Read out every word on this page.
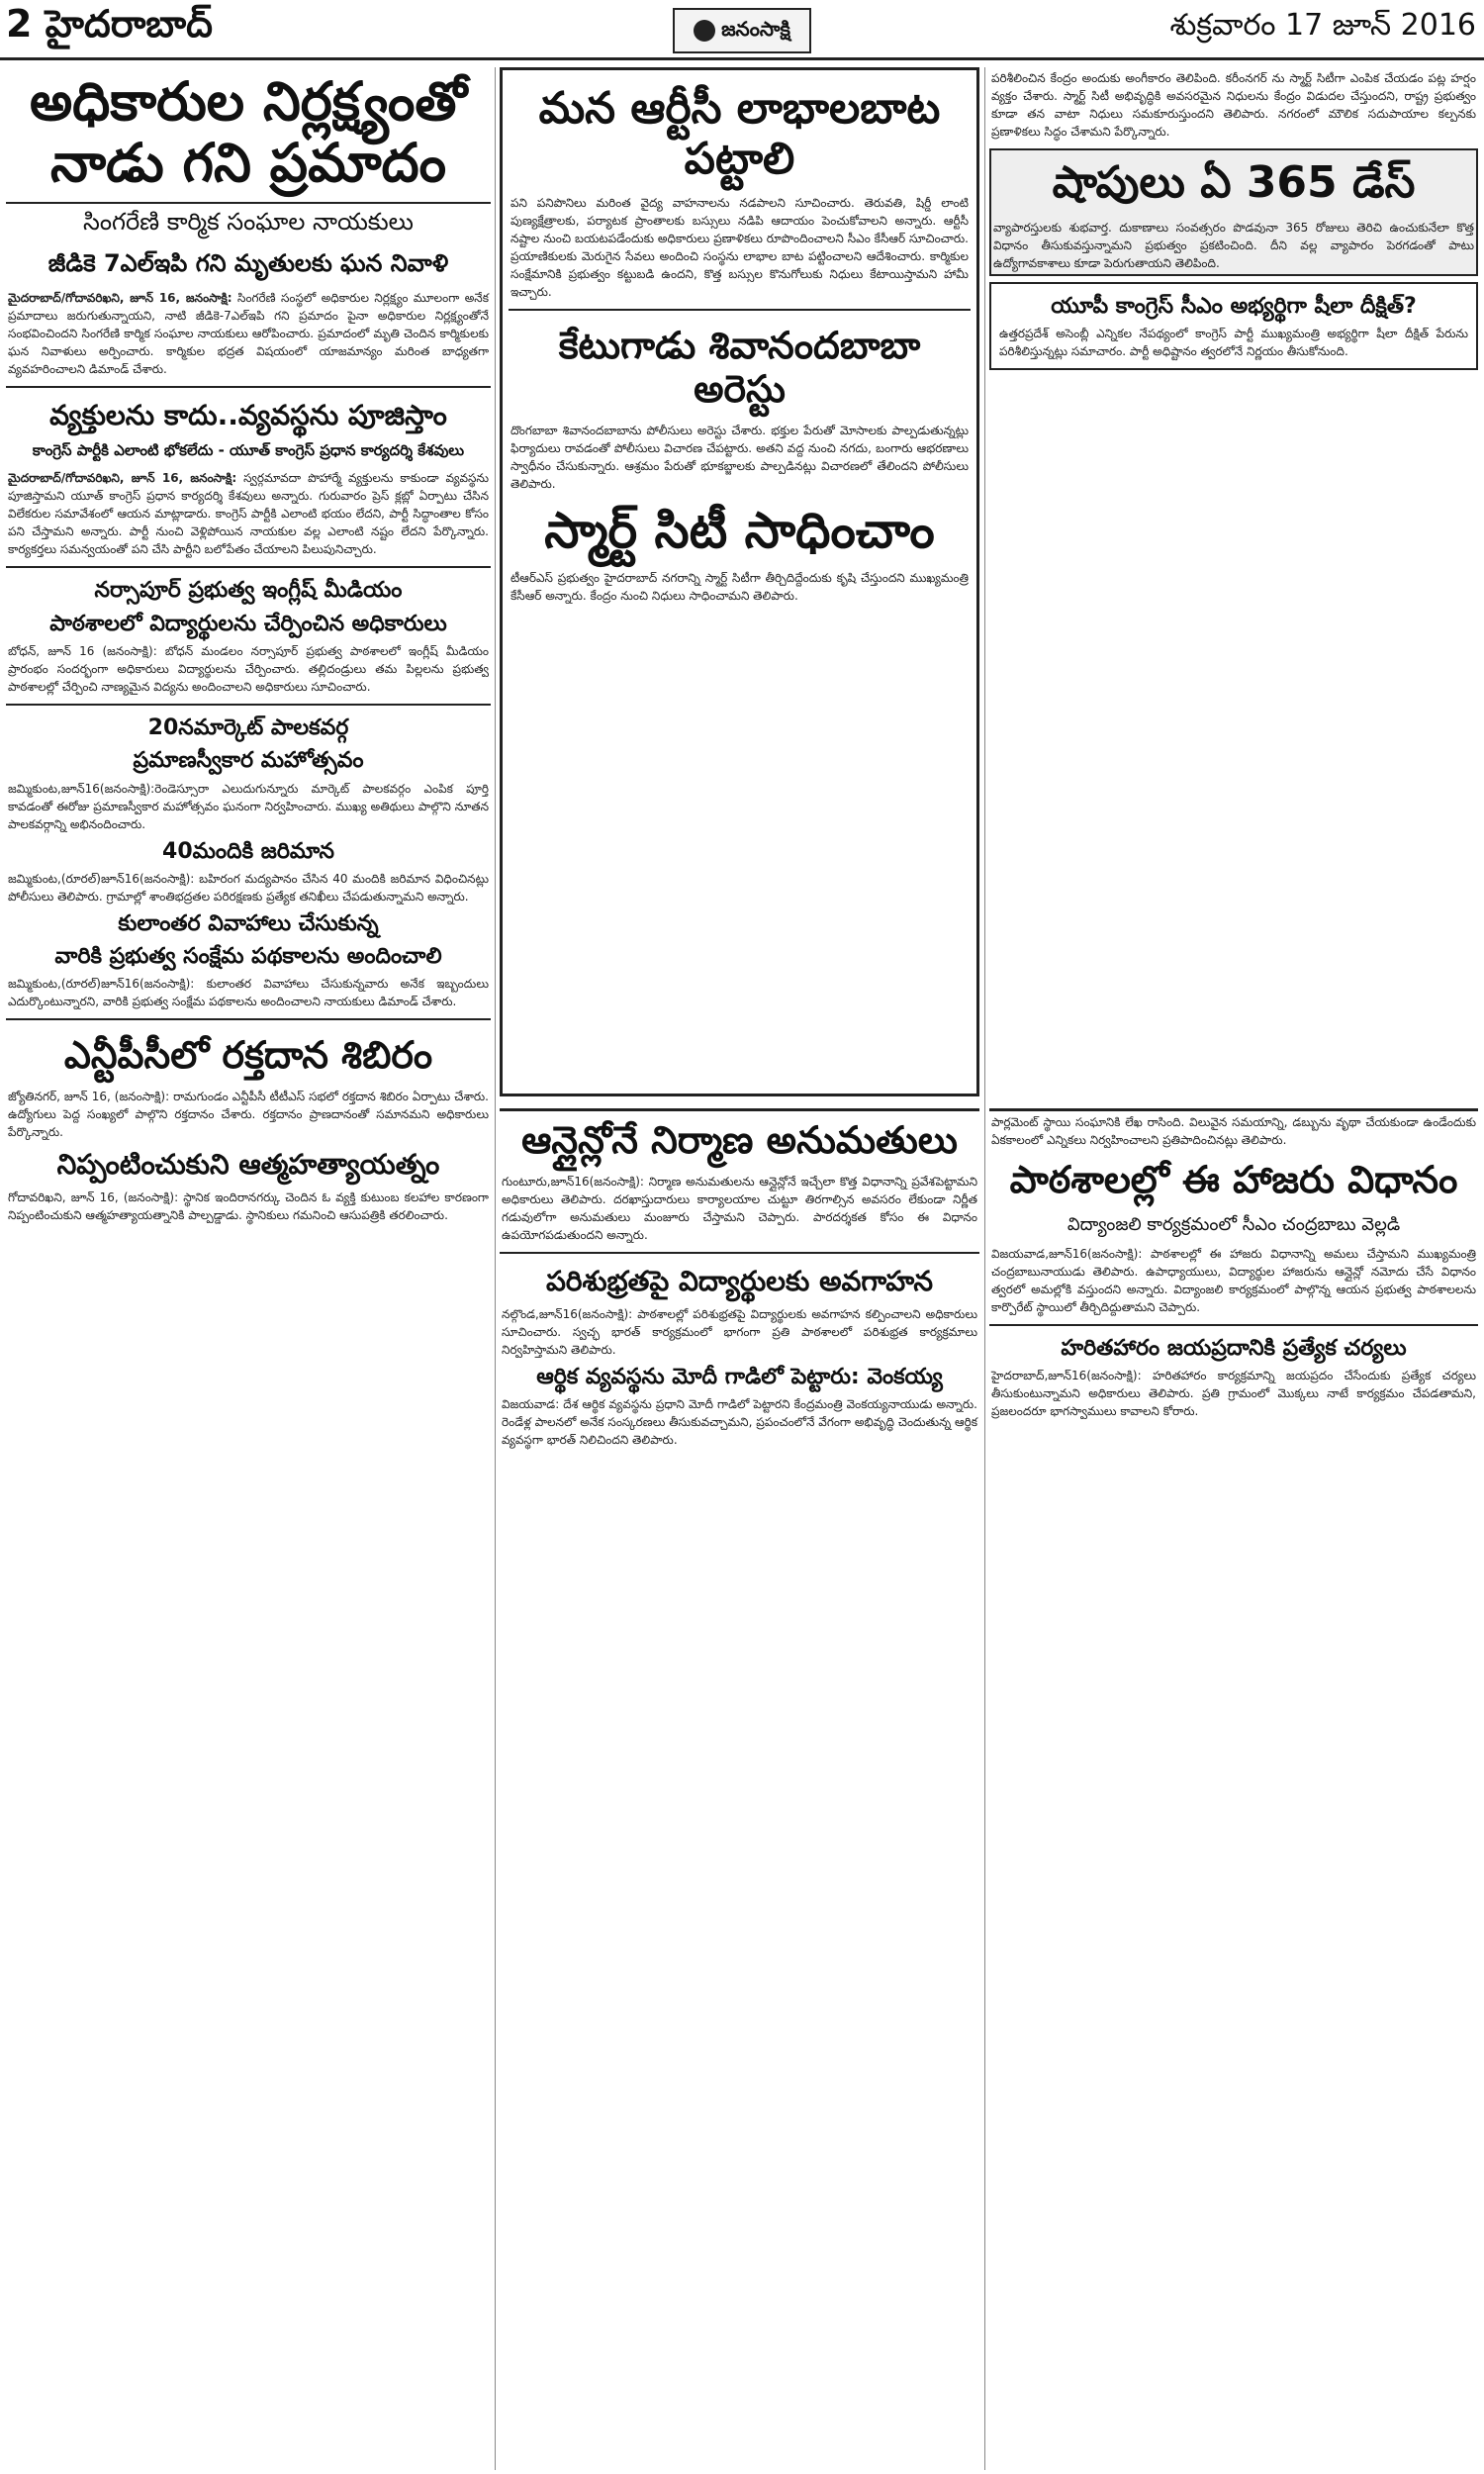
2 హైదరాబాద్	జనంసాక్షి	శుక్రవారం 17 జూన్ 2016
అధికారుల నిర్లక్ష్యంతో నాడు గని ప్రమాదం
సింగరేణి కార్మిక సంఘాల నాయకులు
జీడికె 7ఎల్ఇపి గని మృతులకు ఘన నివాళి

మైదరాబాద్/గోదావరిఖని, జూన్ 16, జనంసాక్షి: సింగరేణి సంస్థలో అధికారుల నిర్లక్ష్యం మూలంగా అనేక ప్రమాదాలు జరుగుతున్నాయని, నాటి జీడికె-7ఎల్ఇపి గని ప్రమాదం పైనా అధికారుల నిర్లక్ష్యంతోనే సంభవించిందని సింగరేణి కార్మిక సంఘాల నాయకులు ఆరోపించారు. ప్రమాదంలో మృతి చెందిన కార్మికులకు ఘన నివాళులు అర్పించారు. కార్మికుల భద్రత విషయంలో యాజమాన్యం మరింత బాధ్యతగా వ్యవహరించాలని డిమాండ్ చేశారు.

వ్యక్తులను కాదు..వ్యవస్థను పూజిస్తాం
కాంగ్రెస్ పార్టీకి ఎలాంటి భోకలేదు - యూత్ కాంగ్రెస్ ప్రధాన కార్యదర్శి కేశవులు

మైదరాబాద్/గోదావరిఖని, జూన్ 16, జనంసాక్షి: స్వర్గమావదా పొహార్మే వ్యక్తులను కాకుండా వ్యవస్థను పూజిస్తామని యూత్ కాంగ్రెస్ ప్రధాన కార్యదర్శి కేశవులు అన్నారు. గురువారం ప్రెస్ క్లబ్లో ఏర్పాటు చేసిన విలేకరుల సమావేశంలో ఆయన మాట్లాడారు. కాంగ్రెస్ పార్టీకి ఎలాంటి భయం లేదని, పార్టీ సిద్ధాంతాల కోసం పని చేస్తామని అన్నారు. పార్టీ నుంచి వెళ్లిపోయిన నాయకుల వల్ల ఎలాంటి నష్టం లేదని పేర్కొన్నారు. కార్యకర్తలు సమన్వయంతో పని చేసి పార్టీని బలోపేతం చేయాలని పిలుపునిచ్చారు.

నర్సాపూర్ ప్రభుత్వ ఇంగ్లీష్ మీడియం
పాఠశాలలో విద్యార్థులను చేర్పించిన అధికారులు

బోధన్, జూన్ 16 (జనంసాక్షి): బోధన్ మండలం నర్సాపూర్ ప్రభుత్వ పాఠశాలలో ఇంగ్లీష్ మీడియం ప్రారంభం సందర్భంగా అధికారులు విద్యార్థులను చేర్పించారు. తల్లిదండ్రులు తమ పిల్లలను ప్రభుత్వ పాఠశాలల్లో చేర్పించి నాణ్యమైన విద్యను అందించాలని అధికారులు సూచించారు.

20నమార్కెట్ పాలకవర్గ
ప్రమాణస్వీకార మహోత్సవం

జమ్మికుంట,జూన్16(జనంసాక్షి):రెండెస్సూరా ఎలుదుగున్నూరు మార్కెట్ పాలకవర్గం ఎంపిక పూర్తి కావడంతో ఈరోజు ప్రమాణస్వీకార మహోత్సవం ఘనంగా నిర్వహించారు. ముఖ్య అతిథులు పాల్గొని నూతన పాలకవర్గాన్ని అభినందించారు.

40మందికి జరిమాన

జమ్మికుంట,(రూరల్)జూన్16(జనంసాక్షి): బహిరంగ మద్యపానం చేసిన 40 మందికి జరిమాన విధించినట్లు పోలీసులు తెలిపారు. గ్రామాల్లో శాంతిభద్రతల పరిరక్షణకు ప్రత్యేక తనిఖీలు చేపడుతున్నామని అన్నారు.

కులాంతర వివాహాలు చేసుకున్న
వారికి ప్రభుత్వ సంక్షేమ పథకాలను అందించాలి

జమ్మికుంట,(రూరల్)జూన్16(జనంసాక్షి): కులాంతర వివాహాలు చేసుకున్నవారు అనేక ఇబ్బందులు ఎదుర్కొంటున్నారని, వారికి ప్రభుత్వ సంక్షేమ పథకాలను అందించాలని నాయకులు డిమాండ్ చేశారు.

ఎన్టీపీసీలో రక్తదాన శిబిరం

జ్యోతినగర్, జూన్ 16, (జనంసాక్షి): రామగుండం ఎన్టీపీసీ టీటీఎస్ సభలో రక్తదాన శిబిరం ఏర్పాటు చేశారు. ఉద్యోగులు పెద్ద సంఖ్యలో పాల్గొని రక్తదానం చేశారు. రక్తదానం ప్రాణదానంతో సమానమని అధికారులు పేర్కొన్నారు.

నిప్పంటించుకుని ఆత్మహత్యాయత్నం

గోదావరిఖని, జూన్ 16, (జనంసాక్షి): స్థానిక ఇందిరానగర్కు చెందిన ఓ వ్యక్తి కుటుంబ కలహాల కారణంగా నిప్పంటించుకుని ఆత్మహత్యాయత్నానికి పాల్పడ్డాడు. స్థానికులు గమనించి ఆసుపత్రికి తరలించారు.

మన ఆర్టీసీ లాభాలబాట పట్టాలి

పని పనిపొనిలు మరింత వైద్య వాహనాలను నడపాలని సూచించారు. తెరువతి, షిర్డీ లాంటి పుణ్యక్షేత్రాలకు, పర్యాటక ప్రాంతాలకు బస్సులు నడిపి ఆదాయం పెంచుకోవాలని అన్నారు. ఆర్టీసీ నష్టాల నుంచి బయటపడేందుకు అధికారులు ప్రణాళికలు రూపొందించాలని సీఎం కేసీఆర్ సూచించారు. ప్రయాణికులకు మెరుగైన సేవలు అందించి సంస్థను లాభాల బాట పట్టించాలని ఆదేశించారు. కార్మికుల సంక్షేమానికి ప్రభుత్వం కట్టుబడి ఉందని, కొత్త బస్సుల కొనుగోలుకు నిధులు కేటాయిస్తామని హామీ ఇచ్చారు.

కేటుగాడు శివానందబాబా అరెస్టు

దొంగబాబా శివానందబాబాను పోలీసులు అరెస్టు చేశారు. భక్తుల పేరుతో మోసాలకు పాల్పడుతున్నట్లు ఫిర్యాదులు రావడంతో పోలీసులు విచారణ చేపట్టారు. అతని వద్ద నుంచి నగదు, బంగారు ఆభరణాలు స్వాధీనం చేసుకున్నారు. ఆశ్రమం పేరుతో భూకబ్జాలకు పాల్పడినట్లు విచారణలో తేలిందని పోలీసులు తెలిపారు.

స్మార్ట్ సిటీ సాధించాం

టీఆర్ఎస్ ప్రభుత్వం హైదరాబాద్ నగరాన్ని స్మార్ట్ సిటీగా తీర్చిదిద్దేందుకు కృషి చేస్తుందని ముఖ్యమంత్రి కేసీఆర్ అన్నారు. కేంద్రం నుంచి నిధులు సాధించామని తెలిపారు.

పరిశీలించిన కేంద్రం అందుకు అంగీకారం తెలిపింది. కరీంనగర్ ను స్మార్ట్ సిటీగా ఎంపిక చేయడం పట్ల హర్షం వ్యక్తం చేశారు. స్మార్ట్ సిటీ అభివృద్ధికి అవసరమైన నిధులను కేంద్రం విడుదల చేస్తుందని, రాష్ట్ర ప్రభుత్వం కూడా తన వాటా నిధులు సమకూరుస్తుందని తెలిపారు. నగరంలో మౌలిక సదుపాయాల కల్పనకు ప్రణాళికలు సిద్ధం చేశామని పేర్కొన్నారు.

షాపులు ఏ 365 డేస్

వ్యాపారస్తులకు శుభవార్త. దుకాణాలు సంవత్సరం పొడవునా 365 రోజులు తెరిచి ఉంచుకునేలా కొత్త విధానం తీసుకువస్తున్నామని ప్రభుత్వం ప్రకటించింది. దీని వల్ల వ్యాపారం పెరగడంతో పాటు ఉద్యోగావకాశాలు కూడా పెరుగుతాయని తెలిపింది.

యూపీ కాంగ్రెస్ సీఎం అభ్యర్థిగా షీలా దీక్షిత్?

ఉత్తరప్రదేశ్ అసెంబ్లీ ఎన్నికల నేపథ్యంలో కాంగ్రెస్ పార్టీ ముఖ్యమంత్రి అభ్యర్థిగా షీలా దీక్షిత్ పేరును పరిశీలిస్తున్నట్లు సమాచారం. పార్టీ అధిష్టానం త్వరలోనే నిర్ణయం తీసుకోనుంది.

ఆన్లైన్లోనే నిర్మాణ అనుమతులు

గుంటూరు,జూన్16(జనంసాక్షి): నిర్మాణ అనుమతులను ఆన్లైన్లోనే ఇచ్చేలా కొత్త విధానాన్ని ప్రవేశపెట్టామని అధికారులు తెలిపారు. దరఖాస్తుదారులు కార్యాలయాల చుట్టూ తిరగాల్సిన అవసరం లేకుండా నిర్ణీత గడువులోగా అనుమతులు మంజూరు చేస్తామని చెప్పారు. పారదర్శకత కోసం ఈ విధానం ఉపయోగపడుతుందని అన్నారు.

పరిశుభ్రతపై విద్యార్థులకు అవగాహన

నల్గొండ,జూన్16(జనంసాక్షి): పాఠశాలల్లో పరిశుభ్రతపై విద్యార్థులకు అవగాహన కల్పించాలని అధికారులు సూచించారు. స్వచ్ఛ భారత్ కార్యక్రమంలో భాగంగా ప్రతి పాఠశాలలో పరిశుభ్రత కార్యక్రమాలు నిర్వహిస్తామని తెలిపారు.

ఆర్థిక వ్యవస్థను మోదీ గాడిలో పెట్టారు: వెంకయ్య

విజయవాడ: దేశ ఆర్థిక వ్యవస్థను ప్రధాని మోదీ గాడిలో పెట్టారని కేంద్రమంత్రి వెంకయ్యనాయుడు అన్నారు. రెండేళ్ల పాలనలో అనేక సంస్కరణలు తీసుకువచ్చామని, ప్రపంచంలోనే వేగంగా అభివృద్ధి చెందుతున్న ఆర్థిక వ్యవస్థగా భారత్ నిలిచిందని తెలిపారు.

పార్లమెంట్ స్థాయి సంఘానికి లేఖ రాసింది. విలువైన సమయాన్ని, డబ్బును వృథా చేయకుండా ఉండేందుకు ఏకకాలంలో ఎన్నికలు నిర్వహించాలని ప్రతిపాదించినట్లు తెలిపారు.

పాఠశాలల్లో ఈ హాజరు విధానం
విద్యాంజలి కార్యక్రమంలో సీఎం చంద్రబాబు వెల్లడి

విజయవాడ,జూన్16(జనంసాక్షి): పాఠశాలల్లో ఈ హాజరు విధానాన్ని అమలు చేస్తామని ముఖ్యమంత్రి చంద్రబాబునాయుడు తెలిపారు. ఉపాధ్యాయులు, విద్యార్థుల హాజరును ఆన్లైన్లో నమోదు చేసే విధానం త్వరలో అమల్లోకి వస్తుందని అన్నారు. విద్యాంజలి కార్యక్రమంలో పాల్గొన్న ఆయన ప్రభుత్వ పాఠశాలలను కార్పొరేట్ స్థాయిలో తీర్చిదిద్దుతామని చెప్పారు.

హరితహారం జయప్రదానికి ప్రత్యేక చర్యలు

హైదరాబాద్,జూన్16(జనంసాక్షి): హరితహారం కార్యక్రమాన్ని జయప్రదం చేసేందుకు ప్రత్యేక చర్యలు తీసుకుంటున్నామని అధికారులు తెలిపారు. ప్రతి గ్రామంలో మొక్కలు నాటే కార్యక్రమం చేపడతామని, ప్రజలందరూ భాగస్వాములు కావాలని కోరారు.
